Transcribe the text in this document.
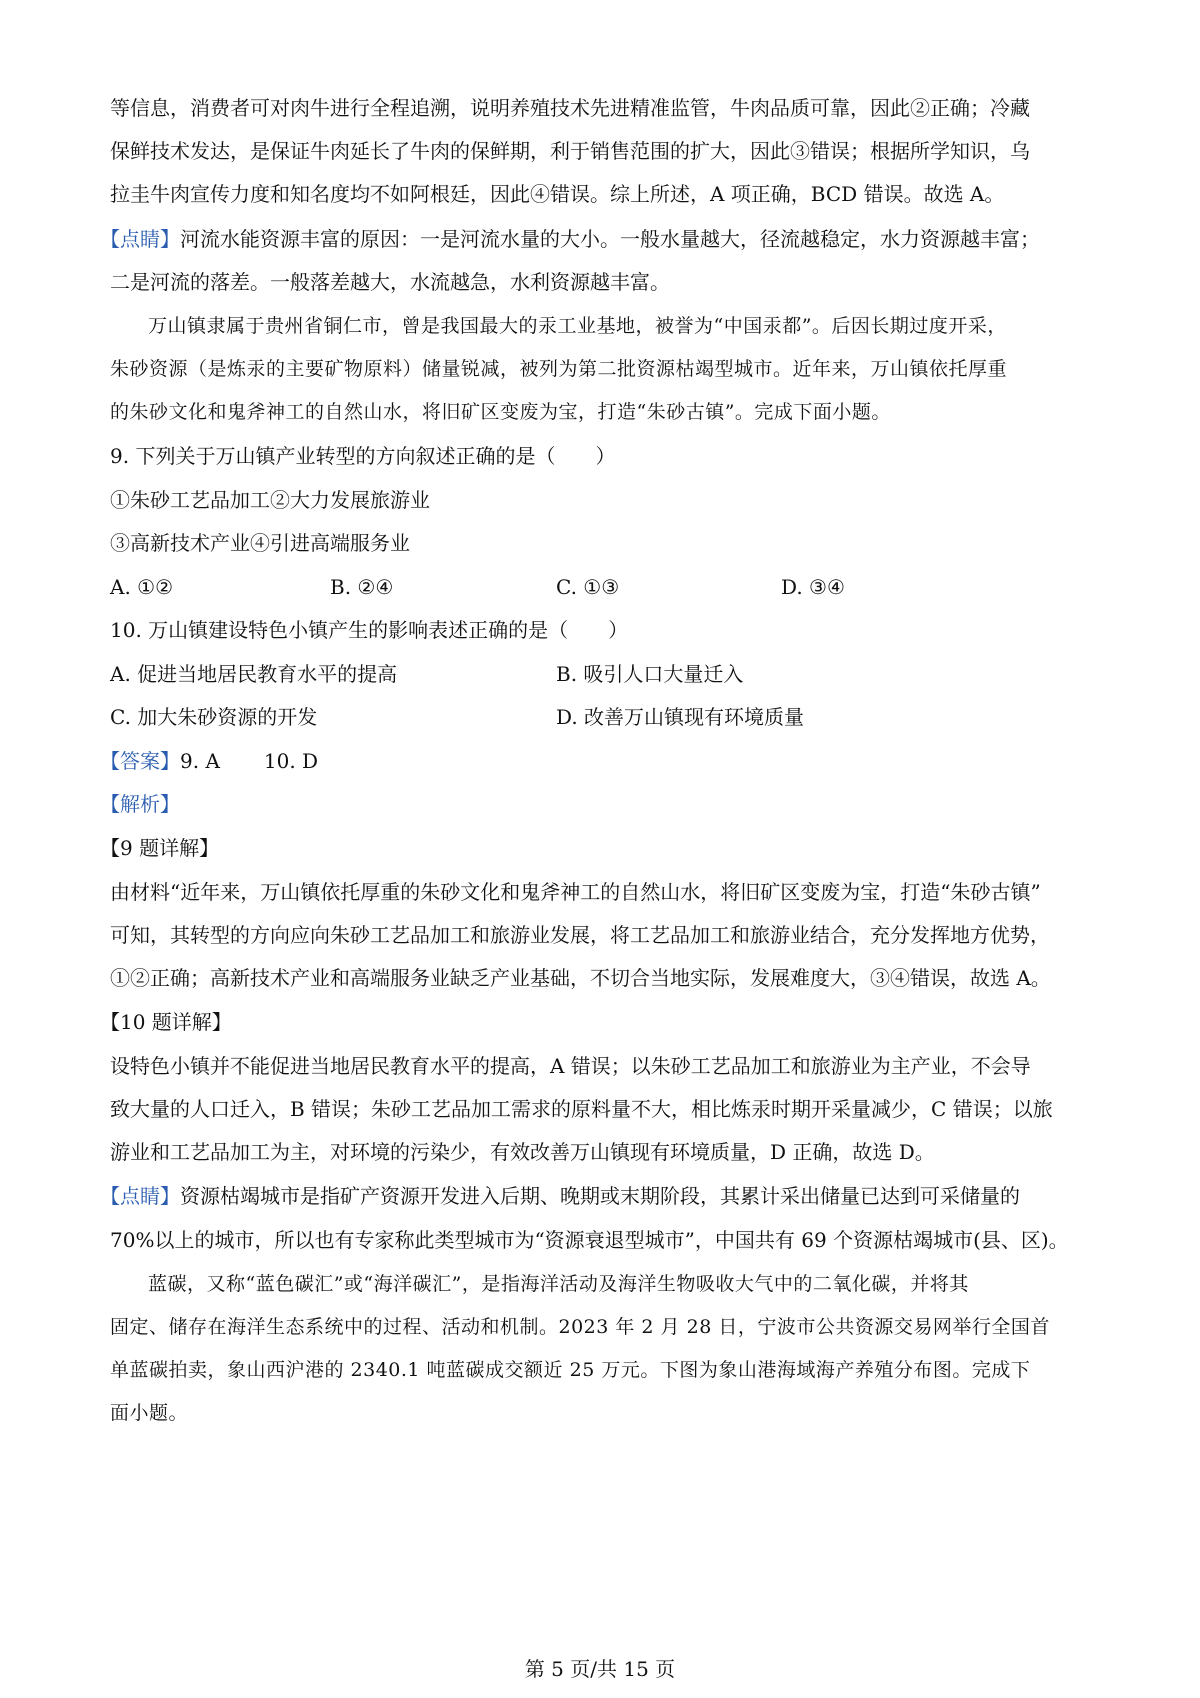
等信息，消费者可对肉牛进行全程追溯，说明养殖技术先进精准监管，牛肉品质可靠，因此②正确；冷藏
保鲜技术发达，是保证牛肉延长了牛肉的保鲜期，利于销售范围的扩大，因此③错误；根据所学知识，乌
拉圭牛肉宣传力度和知名度均不如阿根廷，因此④错误。综上所述，A 项正确，BCD 错误。故选 A。
【点睛】河流水能资源丰富的原因：一是河流水量的大小。一般水量越大，径流越稳定，水力资源越丰富；
二是河流的落差。一般落差越大，水流越急，水利资源越丰富。
万山镇隶属于贵州省铜仁市，曾是我国最大的汞工业基地，被誉为“中国汞都”。后因长期过度开采，
朱砂资源（是炼汞的主要矿物原料）储量锐减，被列为第二批资源枯竭型城市。近年来，万山镇依托厚重
的朱砂文化和鬼斧神工的自然山水，将旧矿区变废为宝，打造“朱砂古镇”。完成下面小题。
9. 下列关于万山镇产业转型的方向叙述正确的是（　　）
①朱砂工艺品加工②大力发展旅游业
③高新技术产业④引进高端服务业
A. ①②	B. ②④	C. ①③	D. ③④
10. 万山镇建设特色小镇产生的影响表述正确的是（　　）
A. 促进当地居民教育水平的提高	B. 吸引人口大量迁入
C. 加大朱砂资源的开发	D. 改善万山镇现有环境质量
【答案】9. A 10. D
【解析】
【9 题详解】
由材料“近年来，万山镇依托厚重的朱砂文化和鬼斧神工的自然山水，将旧矿区变废为宝，打造“朱砂古镇”
可知，其转型的方向应向朱砂工艺品加工和旅游业发展，将工艺品加工和旅游业结合，充分发挥地方优势，
①②正确；高新技术产业和高端服务业缺乏产业基础，不切合当地实际，发展难度大，③④错误，故选 A。
【10 题详解】
设特色小镇并不能促进当地居民教育水平的提高，A 错误；以朱砂工艺品加工和旅游业为主产业，不会导
致大量的人口迁入，B 错误；朱砂工艺品加工需求的原料量不大，相比炼汞时期开采量减少，C 错误；以旅
游业和工艺品加工为主，对环境的污染少，有效改善万山镇现有环境质量，D 正确，故选 D。
【点睛】资源枯竭城市是指矿产资源开发进入后期、晚期或末期阶段，其累计采出储量已达到可采储量的
70%以上的城市，所以也有专家称此类型城市为“资源衰退型城市”，中国共有 69 个资源枯竭城市(县、区)。
蓝碳，又称“蓝色碳汇”或“海洋碳汇”，是指海洋活动及海洋生物吸收大气中的二氧化碳，并将其
固定、储存在海洋生态系统中的过程、活动和机制。2023 年 2 月 28 日，宁波市公共资源交易网举行全国首
单蓝碳拍卖，象山西沪港的 2340.1 吨蓝碳成交额近 25 万元。下图为象山港海域海产养殖分布图。完成下
面小题。
第 5 页/共 15 页
